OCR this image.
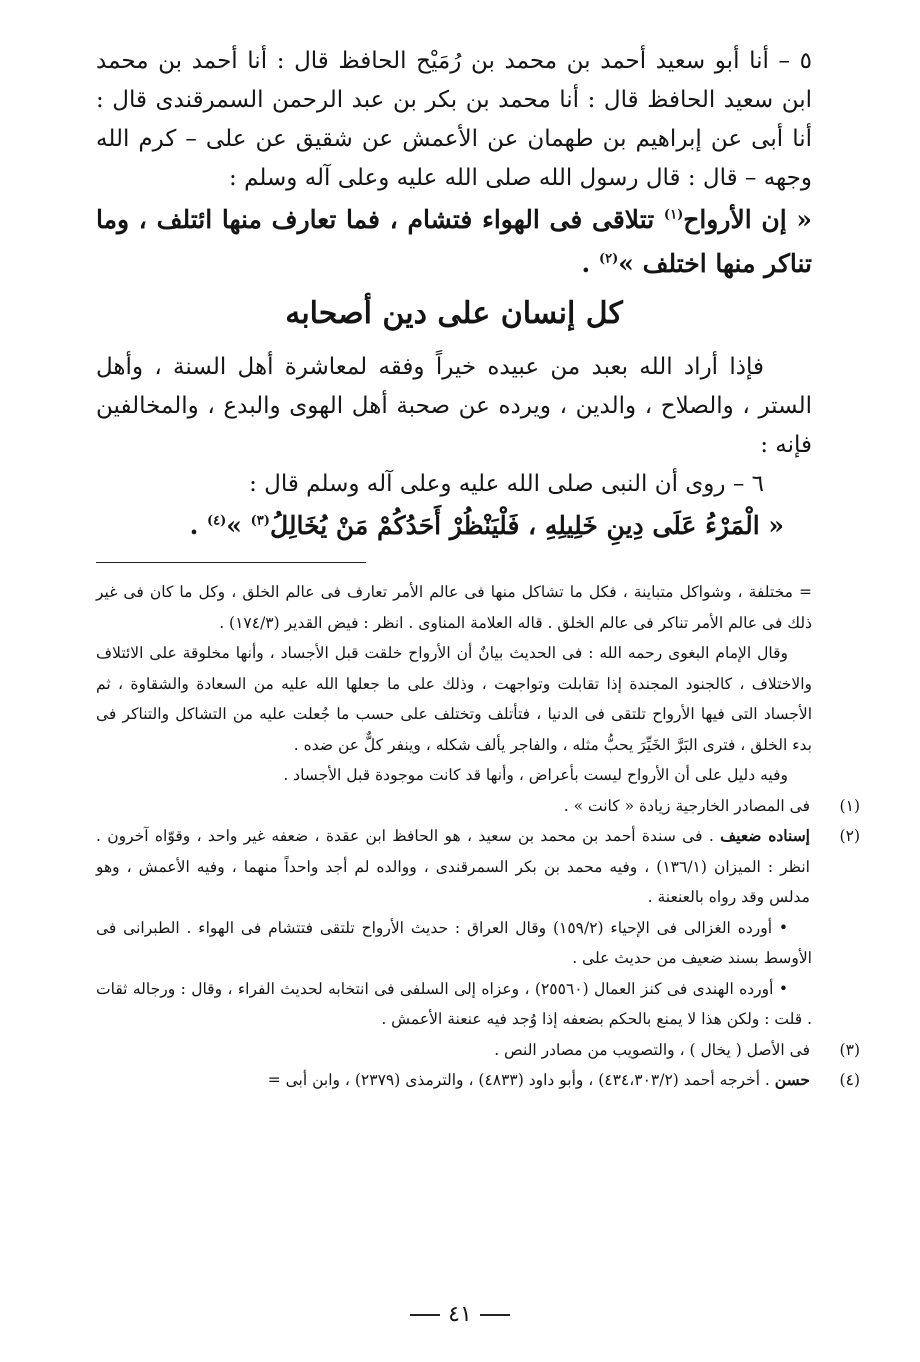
٥ – أنا أبو سعيد أحمد بن محمد بن رُمَيْح الحافظ قال : أنا أحمد بن محمد ابن سعيد الحافظ قال : أنا محمد بن بكر بن عبد الرحمن السمرقندى قال : أنا أبى عن إبراهيم بن طهمان عن الأعمش عن شقيق عن على – كرم الله وجهه – قال : قال رسول الله صلى الله عليه وعلى آله وسلم :

« إن الأرواح$^{(١)}$ تتلاقى فى الهواء فتشام ، فما تعارف منها ائتلف ، وما تناكر منها اختلف »$^{(٢)}$ .

كل إنسان على دين أصحابه

فإذا أراد الله بعبد من عبيده خيراً وفقه لمعاشرة أهل السنة ، وأهل الستر ، والصلاح ، والدين ، ويرده عن صحبة أهل الهوى والبدع ، والمخالفين فإنه :

٦ – روى أن النبى صلى الله عليه وعلى آله وسلم قال :

« الْمَرْءُ عَلَى دِينِ خَلِيلِهِ ، فَلْيَنْظُرْ أَحَدُكُمْ مَنْ يُخَالِلُ$^{(٣)}$ »$^{(٤)}$ .

= مختلفة ، وشواكل متباينة ، فكل ما تشاكل منها فى عالم الأمر تعارف فى عالم الخلق ، وكل ما كان فى غير ذلك فى عالم الأمر تناكر فى عالم الخلق . قاله العلامة المناوى . انظر : فيض القدير (١٧٤/٣) .

وقال الإمام البغوى رحمه الله : فى الحديث بيانٌ أن الأرواح خلقت قبل الأجساد ، وأنها مخلوقة على الائتلاف والاختلاف ، كالجنود المجندة إذا تقابلت وتواجهت ، وذلك على ما جعلها الله عليه من السعادة والشقاوة ، ثم الأجساد التى فيها الأرواح تلتقى فى الدنيا ، فتأتلف وتختلف على حسب ما جُعلت عليه من التشاكل والتناكر فى بدء الخلق ، فترى البَرَّ الخَيِّرَ يحبُّ مثله ، والفاجر يألف شكله ، وينفر كلٌّ عن ضده .

وفيه دليل على أن الأرواح ليست بأعراض ، وأنها قد كانت موجودة قبل الأجساد .

(١)
فى المصادر الخارجية زيادة « كانت » .
(٢)
إسناده ضعيف . فى سندة أحمد بن محمد بن سعيد ، هو الحافظ ابن عقدة ، ضعفه غير واحد ، وقوّاه آخرون . انظر : الميزان (١٣٦/١) ، وفيه محمد بن بكر السمرقندى ، ووالده لم أجد واحداً منهما ، وفيه الأعمش ، وهو مدلس وقد رواه بالعنعنة .

• أورده الغزالى فى الإحياء (١٥٩/٢) وقال العراق : حديث الأرواح تلتقى فتتشام فى الهواء . الطبرانى فى الأوسط بسند ضعيف من حديث على .

• أورده الهندى فى كنز العمال (٢٥٥٦٠) ، وعزاه إلى السلفى فى انتخابه لحديث الفراء ، وقال : ورجاله ثقات . قلت : ولكن هذا لا يمنع بالحكم بضعفه إذا وُجد فيه عنعنة الأعمش .

(٣)
فى الأصل ( يخال ) ، والتصويب من مصادر النص .
(٤)
حسن . أخرجه أحمد (٤٣٤،٣٠٣/٢) ، وأبو داود (٤٨٣٣) ، والترمذى (٢٣٧٩) ، وابن أبى =
٤١
